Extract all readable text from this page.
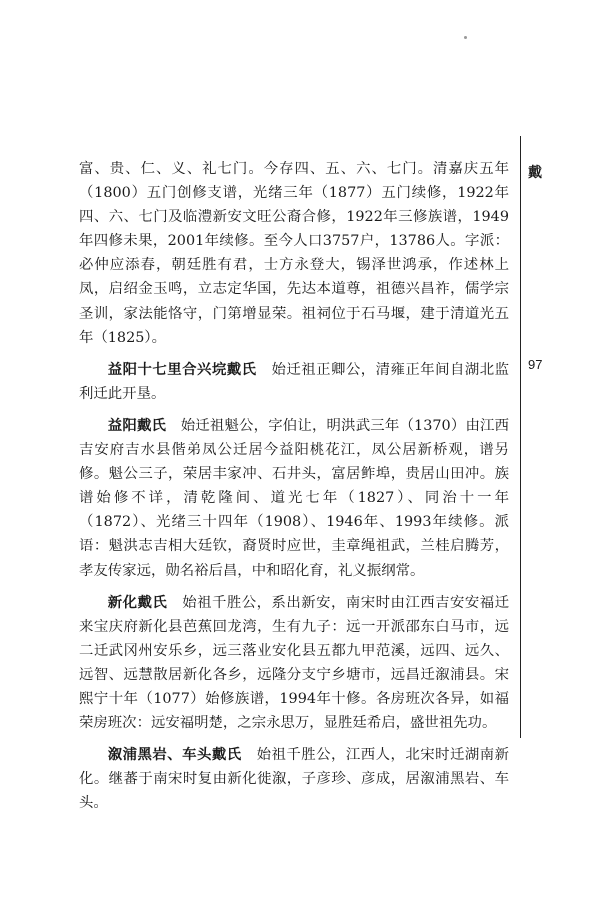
富、贵、仁、义、礼七门。今存四、五、六、七门。清嘉庆五年（1800）五门创修支谱，光绪三年（1877）五门续修，1922年四、六、七门及临澧新安文旺公裔合修，1922年三修族谱，1949年四修未果，2001年续修。至今人口3757户，13786人。字派：必仲应添春，朝廷胜有君，士方永登大，锡泽世鸿承，作述林上凤，启绍金玉鸣，立志定华国，先达本道尊，祖德兴昌祚，儒学宗圣训，家法能恪守，门第增显荣。祖祠位于石马堰，建于清道光五年（1825）。

益阳十七里合兴垸戴氏　始迁祖正卿公，清雍正年间自湖北监利迁此开垦。

益阳戴氏　始迁祖魁公，字伯让，明洪武三年（1370）由江西吉安府吉水县偕弟凤公迁居今益阳桃花江，凤公居新桥观，谱另修。魁公三子，荣居丰家冲、石井头，富居鲊埠，贵居山田冲。族谱始修不详，清乾隆间、道光七年（1827）、同治十一年（1872）、光绪三十四年（1908）、1946年、1993年续修。派语：魁洪志吉相大廷钦，裔贤时应世，圭章绳祖武，兰桂启腾芳，孝友传家远，勋名裕后昌，中和昭化育，礼义振纲常。

新化戴氏　始祖千胜公，系出新安，南宋时由江西吉安安福迁来宝庆府新化县芭蕉回龙湾，生有九子：远一开派邵东白马市，远二迁武冈州安乐乡，远三落业安化县五都九甲范溪，远四、远久、远智、远慧散居新化各乡，远隆分支宁乡塘市，远昌迁溆浦县。宋熙宁十年（1077）始修族谱，1994年十修。各房班次各异，如福荣房班次：远安福明楚，之宗永思万，显胜廷希启，盛世祖先功。

溆浦黑岩、车头戴氏　始祖千胜公，江西人，北宋时迁湖南新化。继蕃于南宋时复由新化徙溆，子彦珍、彦成，居溆浦黑岩、车头。

戴
97
